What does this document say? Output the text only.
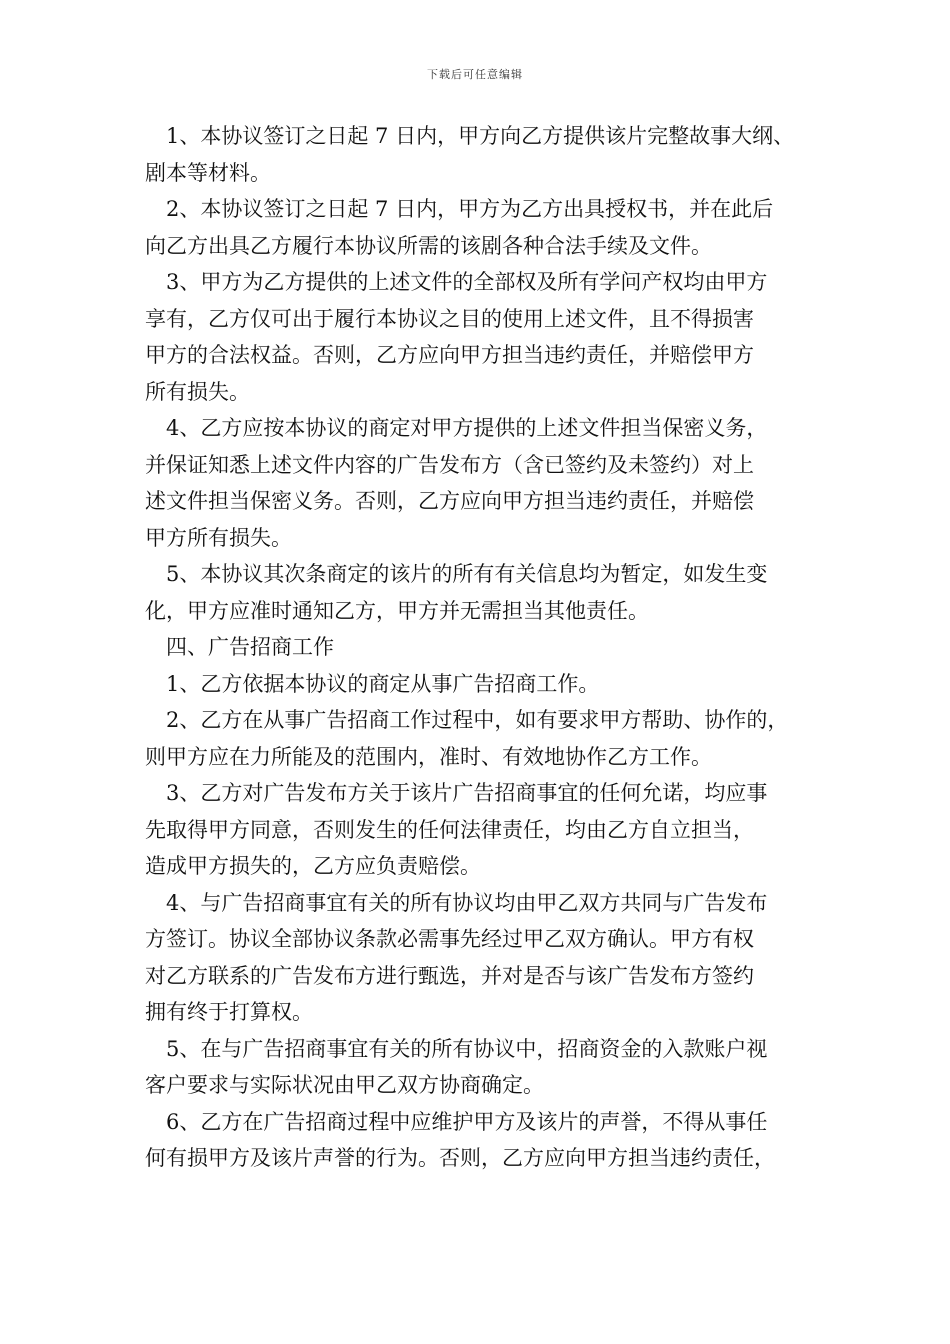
下载后可任意编辑
1、本协议签订之日起 7 日内，甲方向乙方提供该片完整故事大纲、
剧本等材料。
2、本协议签订之日起 7 日内，甲方为乙方出具授权书，并在此后
向乙方出具乙方履行本协议所需的该剧各种合法手续及文件。
3、甲方为乙方提供的上述文件的全部权及所有学问产权均由甲方
享有，乙方仅可出于履行本协议之目的使用上述文件，且不得损害
甲方的合法权益。否则，乙方应向甲方担当违约责任，并赔偿甲方
所有损失。
4、乙方应按本协议的商定对甲方提供的上述文件担当保密义务，
并保证知悉上述文件内容的广告发布方（含已签约及未签约）对上
述文件担当保密义务。否则，乙方应向甲方担当违约责任，并赔偿
甲方所有损失。
5、本协议其次条商定的该片的所有有关信息均为暂定，如发生变
化，甲方应准时通知乙方，甲方并无需担当其他责任。
四、广告招商工作
1、乙方依据本协议的商定从事广告招商工作。
2、乙方在从事广告招商工作过程中，如有要求甲方帮助、协作的，
则甲方应在力所能及的范围内，准时、有效地协作乙方工作。
3、乙方对广告发布方关于该片广告招商事宜的任何允诺，均应事
先取得甲方同意，否则发生的任何法律责任，均由乙方自立担当，
造成甲方损失的，乙方应负责赔偿。
4、与广告招商事宜有关的所有协议均由甲乙双方共同与广告发布
方签订。协议全部协议条款必需事先经过甲乙双方确认。甲方有权
对乙方联系的广告发布方进行甄选，并对是否与该广告发布方签约
拥有终于打算权。
5、在与广告招商事宜有关的所有协议中，招商资金的入款账户视
客户要求与实际状况由甲乙双方协商确定。
6、乙方在广告招商过程中应维护甲方及该片的声誉，不得从事任
何有损甲方及该片声誉的行为。否则，乙方应向甲方担当违约责任，
